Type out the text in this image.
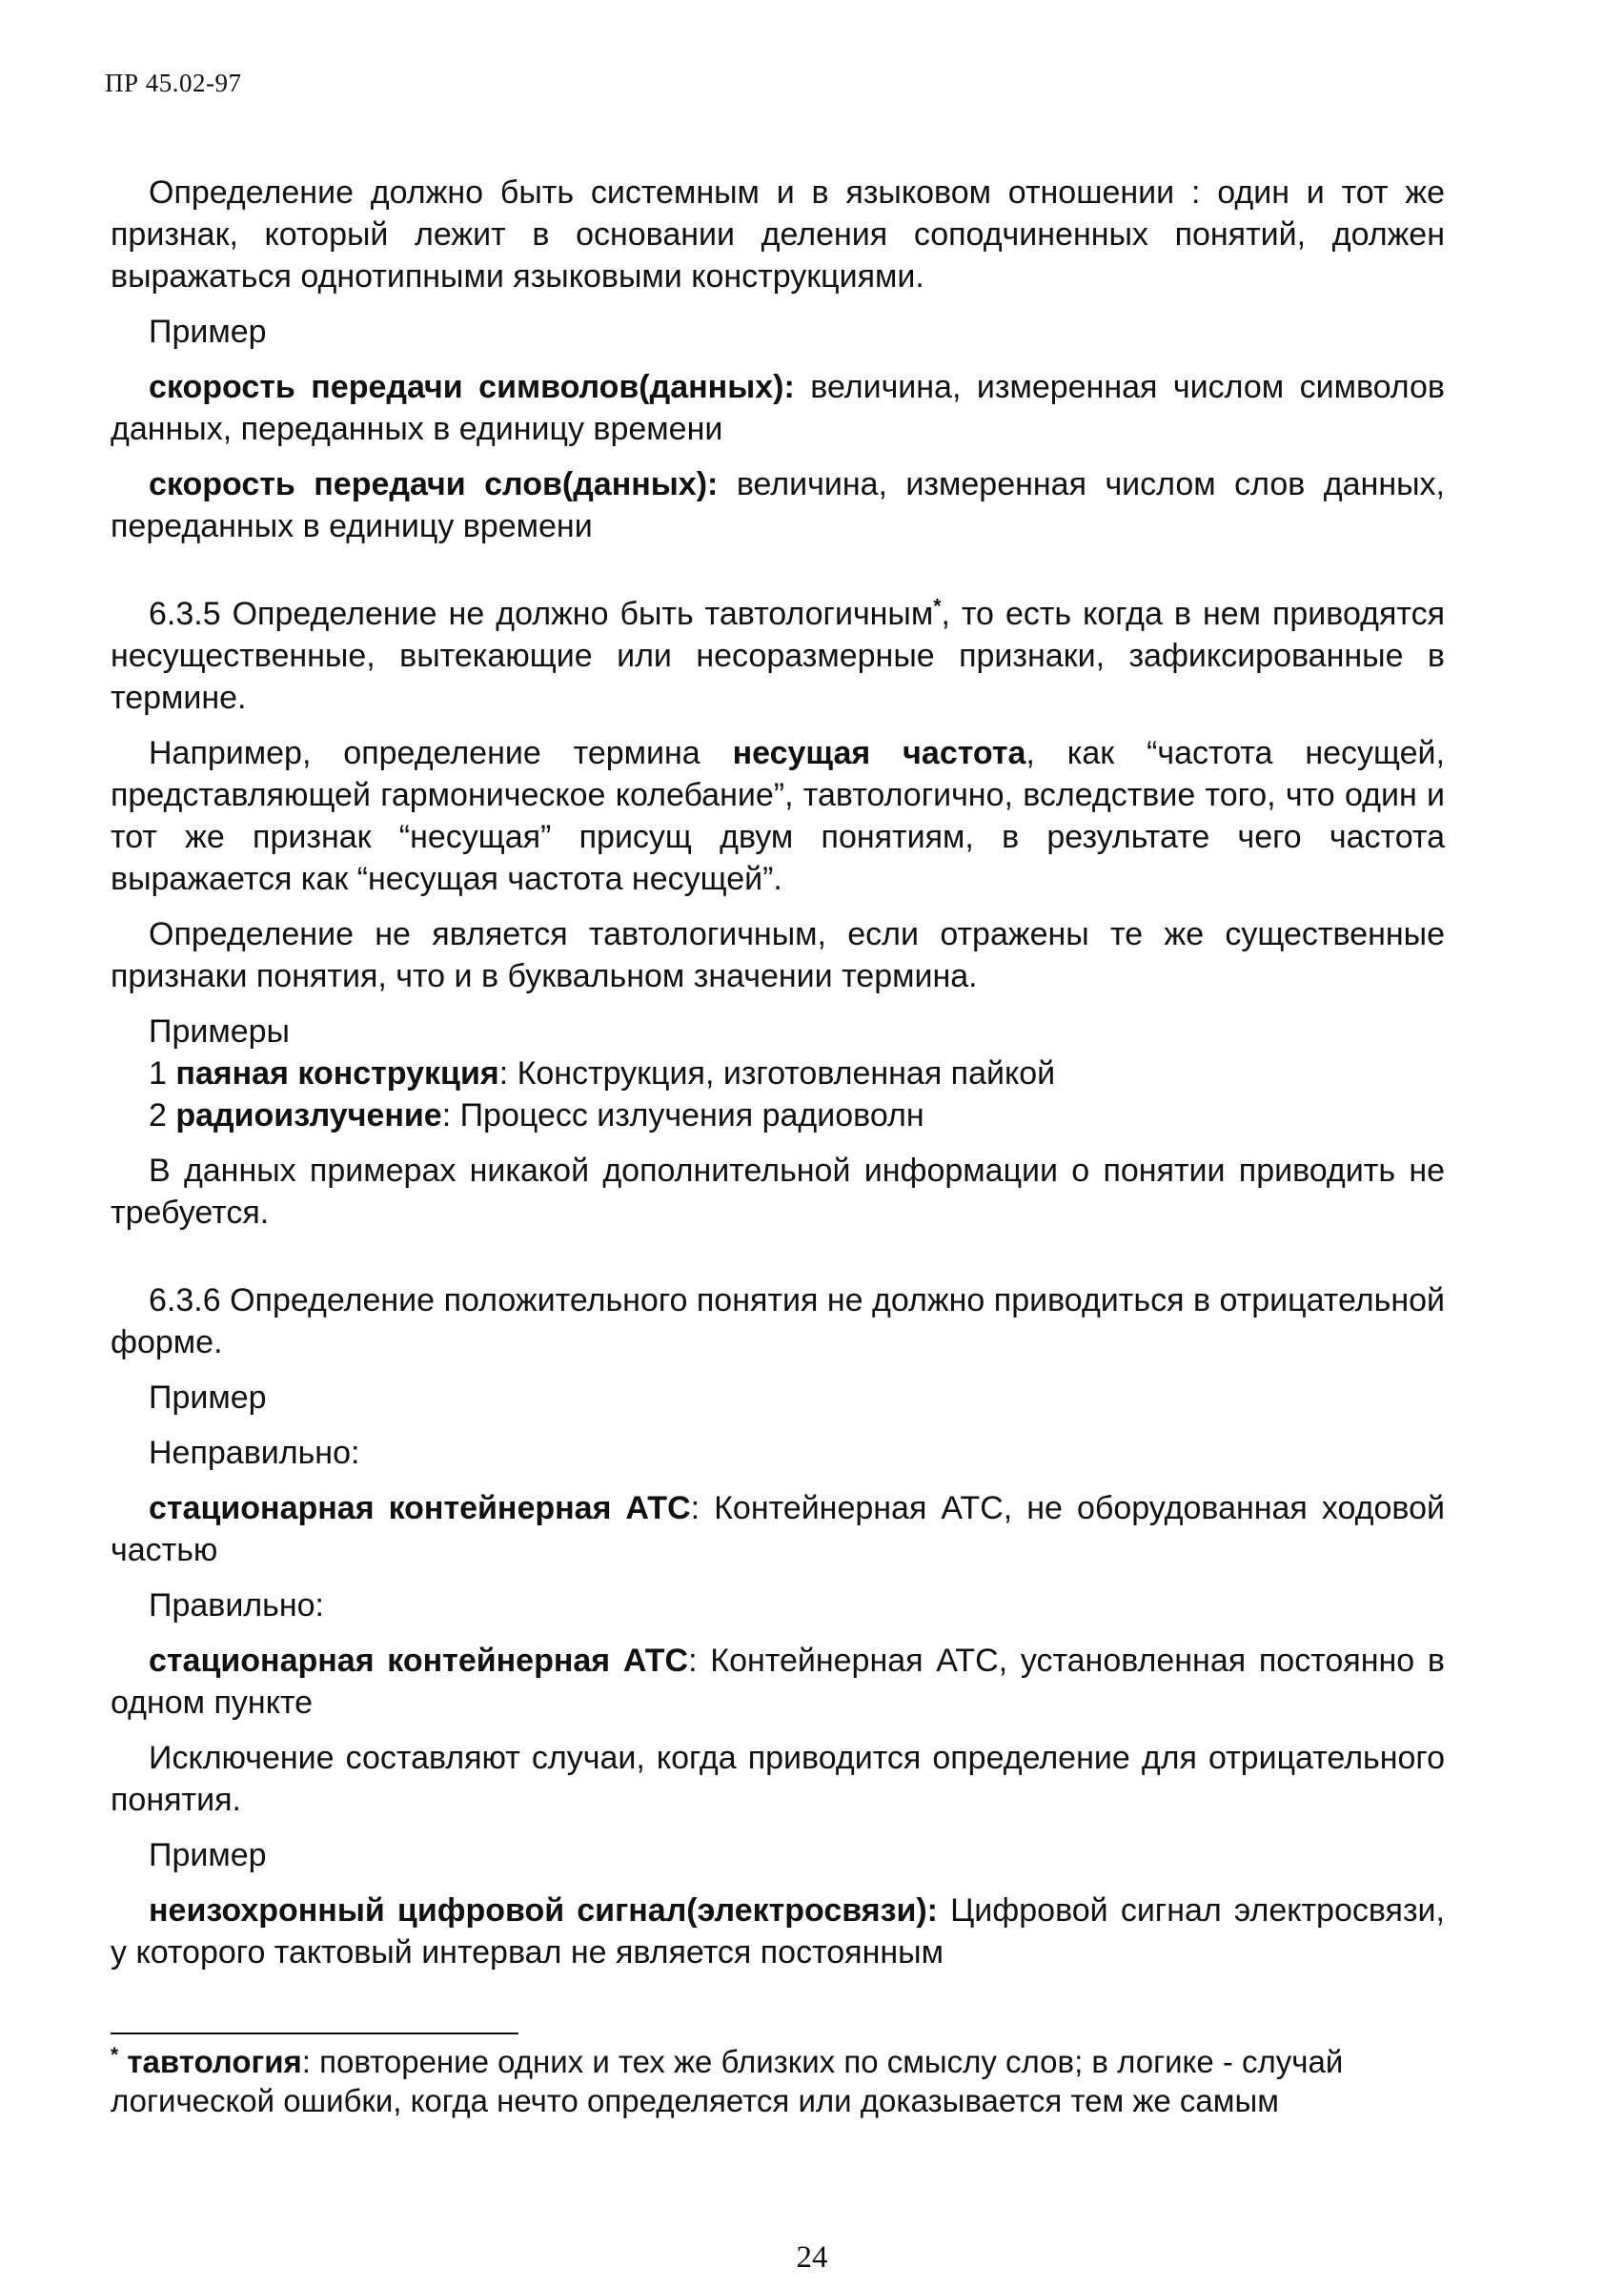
ПР 45.02-97

Определение должно быть системным и в языковом отношении : один и тот же признак, который лежит в основании деления соподчиненных понятий, должен выражаться однотипными языковыми конструкциями.

Пример

скорость передачи символов(данных): величина, измеренная числом символов данных, переданных в единицу времени

скорость передачи слов(данных): величина, измеренная числом слов данных, переданных в единицу времени

6.3.5 Определение не должно быть тавтологичным*, то есть когда в нем приводятся несущественные, вытекающие или несоразмерные признаки, зафиксированные в термине.

Например, определение термина несущая частота, как “частота несущей, представляющей гармоническое колебание”, тавтологично, вследствие того, что один и тот же признак “несущая” присущ двум понятиям, в результате чего частота выражается как “несущая частота несущей”.

Определение не является тавтологичным, если отражены те же существенные признаки понятия, что и в буквальном значении термина.

Примеры

1 паяная конструкция: Конструкция, изготовленная пайкой

2 радиоизлучение: Процесс излучения радиоволн

В данных примерах никакой дополнительной информации о понятии приводить не требуется.

6.3.6 Определение положительного понятия не должно приводиться в отрицательной форме.

Пример

Неправильно:

стационарная контейнерная АТС: Контейнерная АТС, не оборудованная ходовой частью

Правильно:

стационарная контейнерная АТС: Контейнерная АТС, установленная постоянно в одном пункте

Исключение составляют случаи, когда приводится определение для отрицательного понятия.

Пример

неизохронный цифровой сигнал(электросвязи): Цифровой сигнал электросвязи, у которого тактовый интервал не является постоянным

* тавтология: повторение одних и тех же близких по смыслу слов; в логике - случай логической ошибки, когда нечто определяется или доказывается тем же самым
24
